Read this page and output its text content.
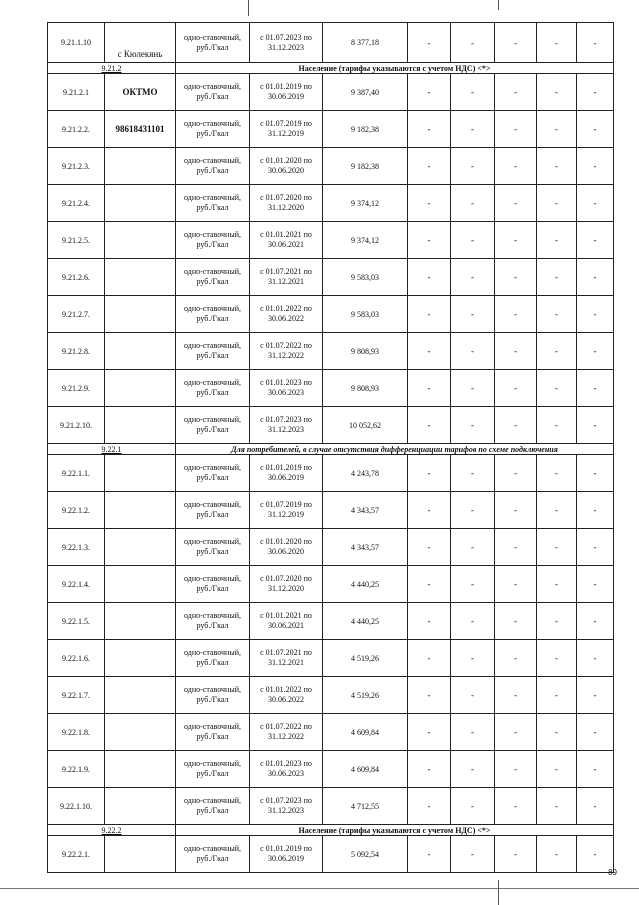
9.21.1.10	с Кюлекянь	одно-ставочный, руб./Гкал	с 01.07.2023 по 31.12.2023	8 377,18	-	-	-	-	-
9.21.2		Население (тарифы указываются с учетом НДС) <*>							
9.21.2.1	ОКТМО	одно-ставочный, руб./Гкал	с 01.01.2019 по 30.06.2019	9 387,40	-	-	-	-	-
9.21.2.2.	98618431101	одно-ставочный, руб./Гкал	с 01.07.2019 по 31.12.2019	9 182,38	-	-	-	-	-
9.21.2.3.		одно-ставочный, руб./Гкал	с 01.01.2020 по 30.06.2020	9 182,38	-	-	-	-	-
9.21.2.4.		одно-ставочный, руб./Гкал	с 01.07.2020 по 31.12.2020	9 374,12	-	-	-	-	-
9.21.2.5.		одно-ставочный, руб./Гкал	с 01.01.2021 по 30.06.2021	9 374,12	-	-	-	-	-
9.21.2.6.		одно-ставочный, руб./Гкал	с 01.07.2021 по 31.12.2021	9 583,03	-	-	-	-	-
9.21.2.7.		одно-ставочный, руб./Гкал	с 01.01.2022 по 30.06.2022	9 583,03	-	-	-	-	-
9.21.2.8.		одно-ставочный, руб./Гкал	с 01.07.2022 по 31.12.2022	9 808,93	-	-	-	-	-
9.21.2.9.		одно-ставочный, руб./Гкал	с 01.01.2023 по 30.06.2023	9 808,93	-	-	-	-	-
9.21.2.10.		одно-ставочный, руб./Гкал	с 01.07.2023 по 31.12.2023	10 052,62	-	-	-	-	-
9.22.1		Для потребителей, в случае отсутствия дифференциации тарифов по схеме подключения							
9.22.1.1.		одно-ставочный, руб./Гкал	с 01.01.2019 по 30.06.2019	4 243,78	-	-	-	-	-
9.22.1.2.		одно-ставочный, руб./Гкал	с 01.07.2019 по 31.12.2019	4 343,57	-	-	-	-	-
9.22.1.3.		одно-ставочный, руб./Гкал	с 01.01.2020 по 30.06.2020	4 343,57	-	-	-	-	-
9.22.1.4.		одно-ставочный, руб./Гкал	с 01.07.2020 по 31.12.2020	4 440,25	-	-	-	-	-
9.22.1.5.		одно-ставочный, руб./Гкал	с 01.01.2021 по 30.06.2021	4 440,25	-	-	-	-	-
9.22.1.6.		одно-ставочный, руб./Гкал	с 01.07.2021 по 31.12.2021	4 519,26	-	-	-	-	-
9.22.1.7.		одно-ставочный, руб./Гкал	с 01.01.2022 по 30.06.2022	4 519,26	-	-	-	-	-
9.22.1.8.		одно-ставочный, руб./Гкал	с 01.07.2022 по 31.12.2022	4 609,84	-	-	-	-	-
9.22.1.9.		одно-ставочный, руб./Гкал	с 01.01.2023 по 30.06.2023	4 609,84	-	-	-	-	-
9.22.1.10.		одно-ставочный, руб./Гкал	с 01.07.2023 по 31.12.2023	4 712,55	-	-	-	-	-
9.22.2		Население (тарифы указываются с учетом НДС) <*>							
9.22.2.1.		одно-ставочный, руб./Гкал	с 01.01.2019 по 30.06.2019	5 092,54	-	-	-	-	-
89
